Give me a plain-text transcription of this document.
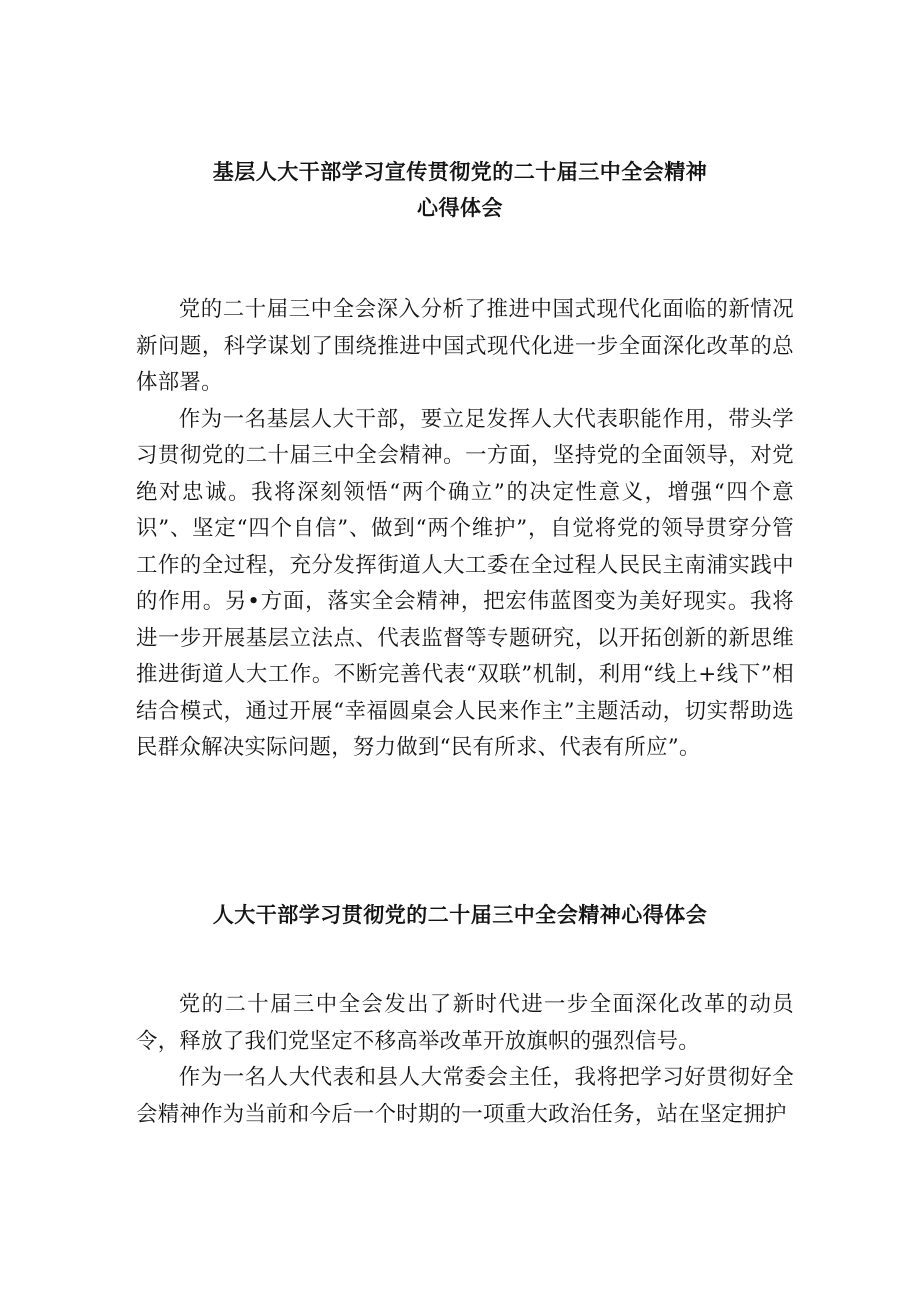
基层人大干部学习宣传贯彻党的二十届三中全会精神
心得体会

党的二十届三中全会深入分析了推进中国式现代化面临的新情况新问题，科学谋划了围绕推进中国式现代化进一步全面深化改革的总体部署。

作为一名基层人大干部，要立足发挥人大代表职能作用，带头学习贯彻党的二十届三中全会精神。一方面，坚持党的全面领导，对党绝对忠诚。我将深刻领悟“两个确立”的决定性意义，增强“四个意识”、坚定“四个自信”、做到“两个维护”，自觉将党的领导贯穿分管工作的全过程，充分发挥街道人大工委在全过程人民民主南浦实践中的作用。另•方面，落实全会精神，把宏伟蓝图变为美好现实。我将进一步开展基层立法点、代表监督等专题研究，以开拓创新的新思维推进街道人大工作。不断完善代表“双联”机制，利用“线上+线下”相结合模式，通过开展“幸福圆桌会人民来作主”主题活动，切实帮助选民群众解决实际问题，努力做到“民有所求、代表有所应”。

人大干部学习贯彻党的二十届三中全会精神心得体会

党的二十届三中全会发出了新时代进一步全面深化改革的动员令，释放了我们党坚定不移高举改革开放旗帜的强烈信号。

作为一名人大代表和县人大常委会主任，我将把学习好贯彻好全会精神作为当前和今后一个时期的一项重大政治任务，站在坚定拥护
